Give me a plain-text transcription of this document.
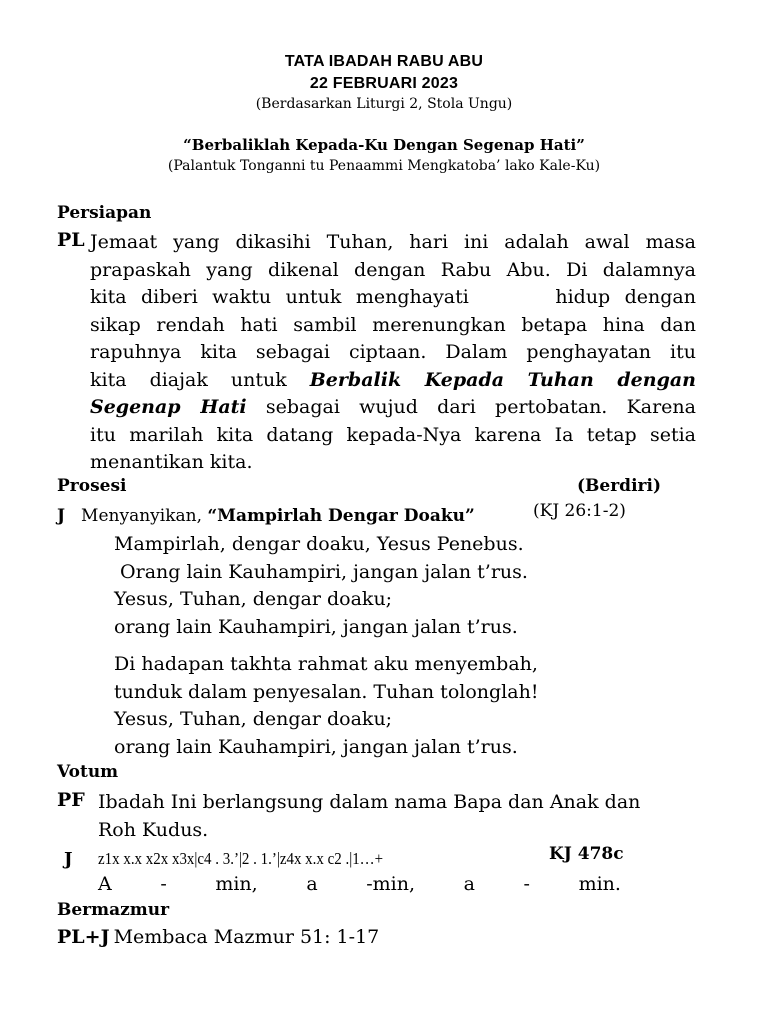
TATA IBADAH RABU ABU
22 FEBRUARI 2023
(Berdasarkan Liturgi 2, Stola Ungu)
“Berbaliklah Kepada-Ku Dengan Segenap Hati”
(Palantuk Tonganni tu Penaammi Mengkatoba’ lako Kale-Ku)
Persiapan
PL Jemaat yang dikasihi Tuhan, hari ini adalah awal masa
prapaskah yang dikenal dengan Rabu Abu. Di dalamnya
kita diberi waktu untuk menghayati      hidup dengan
sikap rendah hati sambil merenungkan betapa hina dan
rapuhnya kita sebagai ciptaan. Dalam penghayatan itu
kita diajak untuk Berbalik Kepada Tuhan dengan
Segenap Hati sebagai wujud dari pertobatan. Karena
itu marilah kita datang kepada-Nya karena Ia tetap setia
menantikan kita.
Prosesi	(Berdiri)
J Menyanyikan, “Mampirlah Dengar Doaku”	(KJ 26:1-2)
Mampirlah, dengar doaku, Yesus Penebus.
Orang lain Kauhampiri, jangan jalan t’rus.
Yesus, Tuhan, dengar doaku;
orang lain Kauhampiri, jangan jalan t’rus.
Di hadapan takhta rahmat aku menyembah,
tunduk dalam penyesalan. Tuhan tolonglah!
Yesus, Tuhan, dengar doaku;
orang lain Kauhampiri, jangan jalan t’rus.
Votum
PF Ibadah Ini berlangsung dalam nama Bapa dan Anak dan
Roh Kudus.
J z1x x.x x2x x3x|c4 . 3.’|2 . 1.’|z4x x.x c2 .|1…+	KJ 478c
A	-	min,	a	-min,	a	-	min.
Bermazmur
PL+J Membaca Mazmur 51: 1-17
